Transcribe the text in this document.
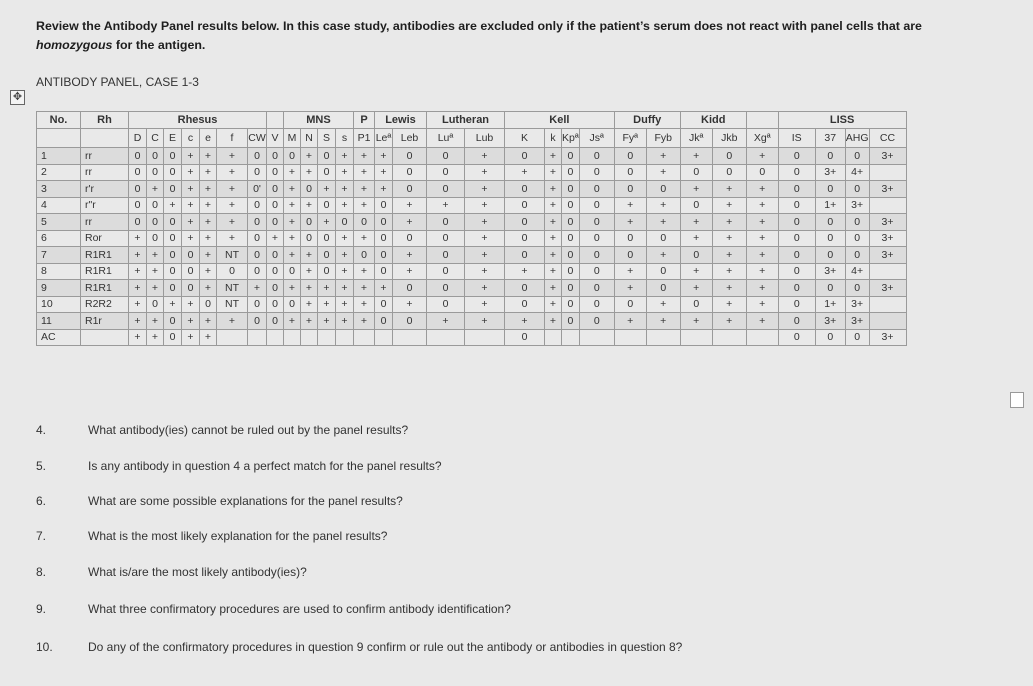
Review the Antibody Panel results below. In this case study, antibodies are excluded only if the patient’s serum does not react with panel cells that are homozygous for the antigen.
ANTIBODY PANEL, CASE 1-3
✥
No.	Rh	Rhesus								MNS				P	Lewis		Lutheran		Kell				Duffy		Kidd			LISS			
		D	C	E	c	e	f	CW	V	M	N	S	s	P1	Leª	Leb	Luª	Lub	K	k	Kpª	Jsª	Fyª	Fyb	Jkª	Jkb	Xgª	IS	37	AHG	CC
1	rr	0	0	0	+	+	+	0	0	0	+	0	+	+	+	0	0	+	0	+	0	0	0	+	+	0	+	0	0	0	3+
2	rr	0	0	0	+	+	+	0	0	+	+	0	+	+	+	0	0	+	+	+	0	0	0	+	0	0	0	0	3+	4+	
3	r'r	0	+	0	+	+	+	0'	0	+	0	+	+	+	+	0	0	+	0	+	0	0	0	0	+	+	+	0	0	0	3+
4	r"r	0	0	+	+	+	+	0	0	+	+	0	+	+	0	+	+	+	0	+	0	0	+	+	0	+	+	0	1+	3+	
5	rr	0	0	0	+	+	+	0	0	+	0	+	0	0	0	+	0	+	0	+	0	0	+	+	+	+	+	0	0	0	3+
6	Ror	+	0	0	+	+	+	0	+	+	0	0	+	+	0	0	0	+	0	+	0	0	0	0	+	+	+	0	0	0	3+
7	R1R1	+	+	0	0	+	NT	0	0	+	+	0	+	0	0	+	0	+	0	+	0	0	0	+	0	+	+	0	0	0	3+
8	R1R1	+	+	0	0	+	0	0	0	0	+	0	+	+	0	+	0	+	+	+	0	0	+	0	+	+	+	0	3+	4+	
9	R1R1	+	+	0	0	+	NT	+	0	+	+	+	+	+	+	0	0	+	0	+	0	0	+	0	+	+	+	0	0	0	3+
10	R2R2	+	0	+	+	0	NT	0	0	0	+	+	+	+	0	+	0	+	0	+	0	0	0	+	0	+	+	0	1+	3+	
11	R1r	+	+	0	+	+	+	0	0	+	+	+	+	+	0	0	+	+	+	+	0	0	+	+	+	+	+	0	3+	3+	
AC		+	+	0	+	+													0									0	0	0	3+
4.	What antibody(ies) cannot be ruled out by the panel results?
5.	Is any antibody in question 4 a perfect match for the panel results?
6.	What are some possible explanations for the panel results?
7.	What is the most likely explanation for the panel results?
8.	What is/are the most likely antibody(ies)?
9.	What three confirmatory procedures are used to confirm antibody identification?
10.	Do any of the confirmatory procedures in question 9 confirm or rule out the antibody or antibodies in question 8?
